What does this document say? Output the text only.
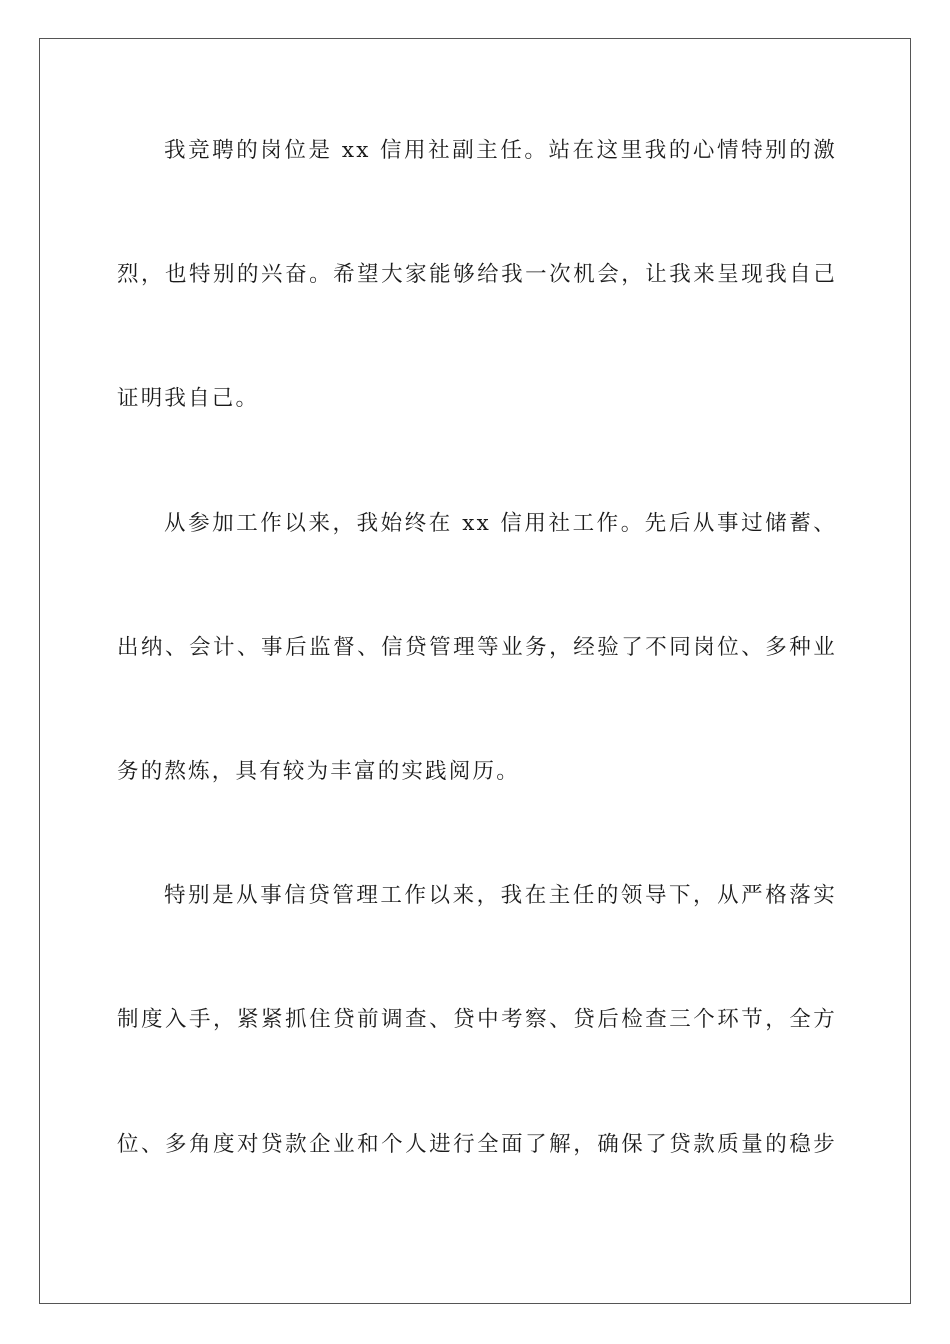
我竞聘的岗位是 xx 信用社副主任。站在这里我的心情特别的激
烈，也特别的兴奋。希望大家能够给我一次机会，让我来呈现我自己
证明我自己。
从参加工作以来，我始终在 xx 信用社工作。先后从事过储蓄、
出纳、会计、事后监督、信贷管理等业务，经验了不同岗位、多种业
务的熬炼，具有较为丰富的实践阅历。
特别是从事信贷管理工作以来，我在主任的领导下，从严格落实
制度入手，紧紧抓住贷前调查、贷中考察、贷后检查三个环节，全方
位、多角度对贷款企业和个人进行全面了解，确保了贷款质量的稳步
